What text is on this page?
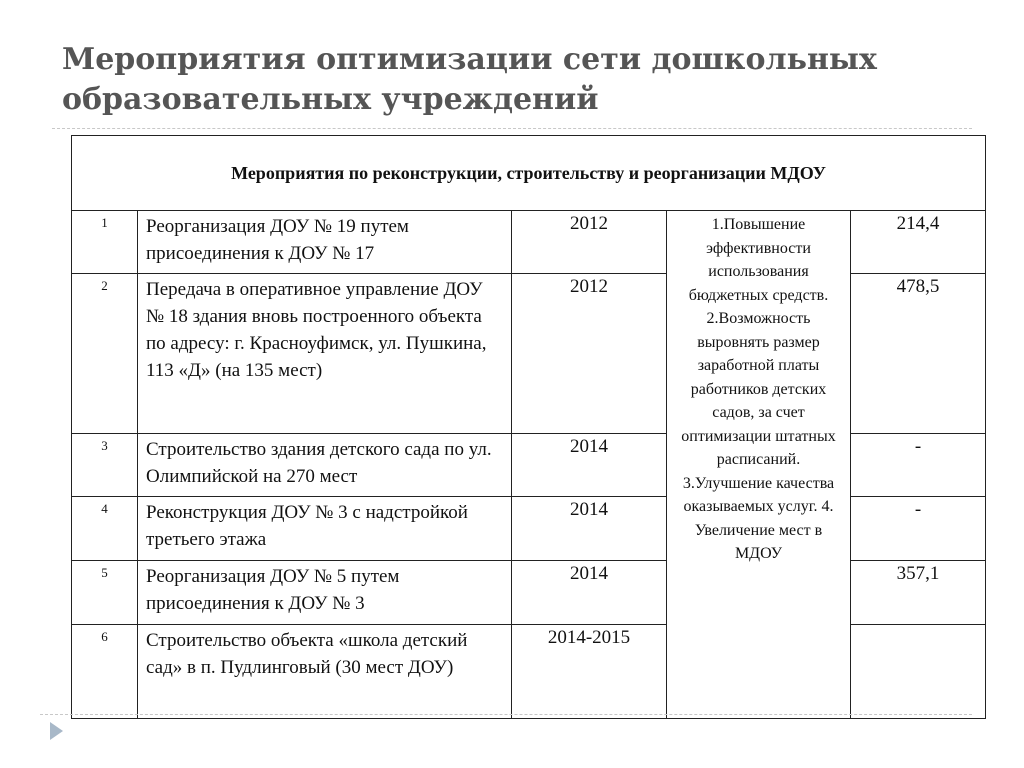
Мероприятия оптимизации сети дошкольных
образовательных учреждений
Мероприятия по реконструкции, строительству и реорганизации МДОУ				
1	Реорганизация ДОУ № 19 путем присоединения к ДОУ № 17	2012	1.Повышение эффективности использования бюджетных средств. 2.Возможность выровнять размер заработной платы работников детских садов, за счет оптимизации штатных расписаний. 3.Улучшение качества оказываемых услуг. 4. Увеличение мест в МДОУ	214,4
2	Передача в оперативное управление ДОУ № 18 здания вновь построенного объекта по адресу: г. Красноуфимск, ул. Пушкина, 113 «Д» (на 135 мест)	2012		478,5
3	Строительство здания детского сада по ул. Олимпийской на 270 мест	2014		-
4	Реконструкция ДОУ № 3 с надстройкой третьего этажа	2014		-
5	Реорганизация ДОУ № 5 путем присоединения к ДОУ № 3	2014		357,1
6	Строительство объекта «школа детский сад» в п. Пудлинговый (30 мест ДОУ)	2014-2015		
